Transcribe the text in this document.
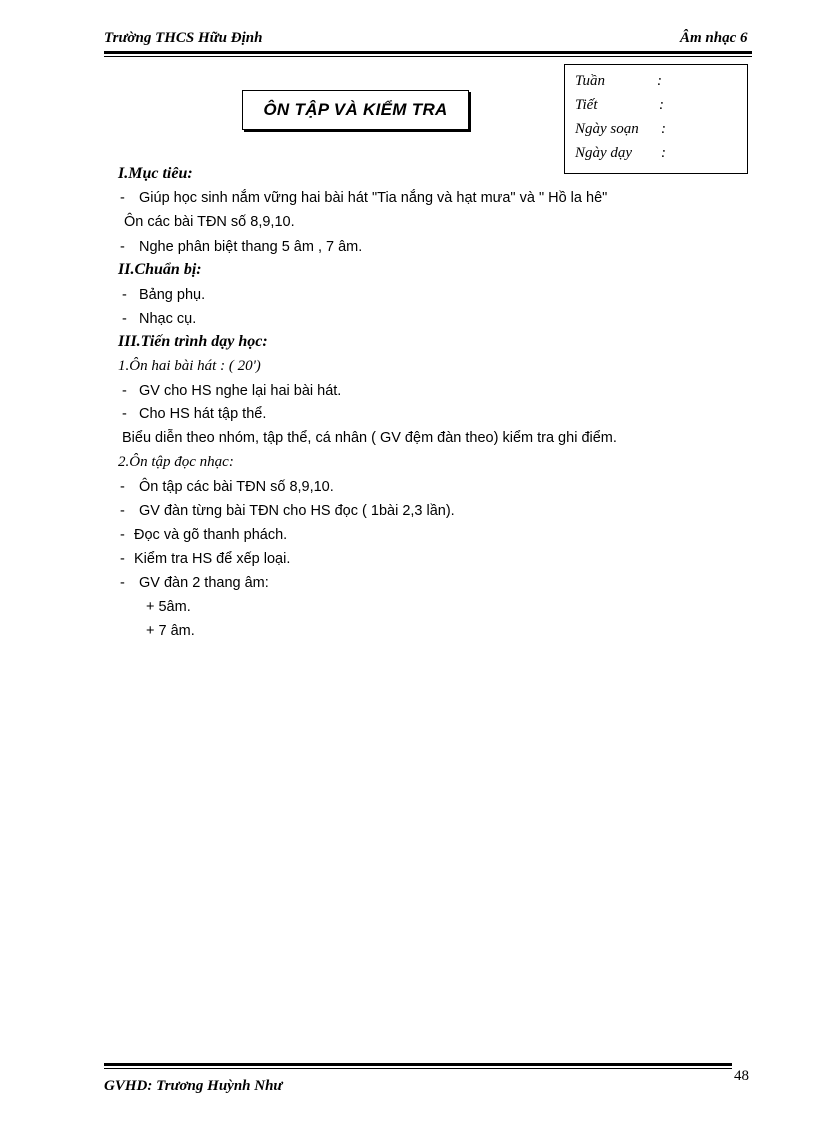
Trường THCS Hữu Định	Âm nhạc 6
ÔN TẬP VÀ KIỂM TRA
Tuần	:
Tiết	:
Ngày soạn :
Ngày dạy :
I.Mục tiêu:
- Giúp học sinh nắm vững hai bài hát "Tia nắng và hạt mưa" và " Hồ la hê"
Ôn các bài TĐN số 8,9,10.
- Nghe phân biệt thang 5 âm , 7 âm.
II.Chuẩn bị:
- Bảng phụ.
- Nhạc cụ.
III.Tiến trình dạy học:
1.Ôn hai bài hát : ( 20')
- GV cho HS nghe lại hai bài hát.
- Cho HS hát tập thể.
Biểu diễn theo nhóm, tập thể, cá nhân ( GV đệm đàn theo) kiểm tra ghi điểm.
2.Ôn tập đọc nhạc:
- Ôn tập các bài TĐN số 8,9,10.
- GV đàn từng bài TĐN cho HS đọc ( 1bài 2,3 lần).
- Đọc và gõ thanh phách.
- Kiểm tra HS để xếp loại.
- GV đàn 2 thang âm:
+ 5âm.
+ 7 âm.
GVHD: Trương Huỳnh Như
48
